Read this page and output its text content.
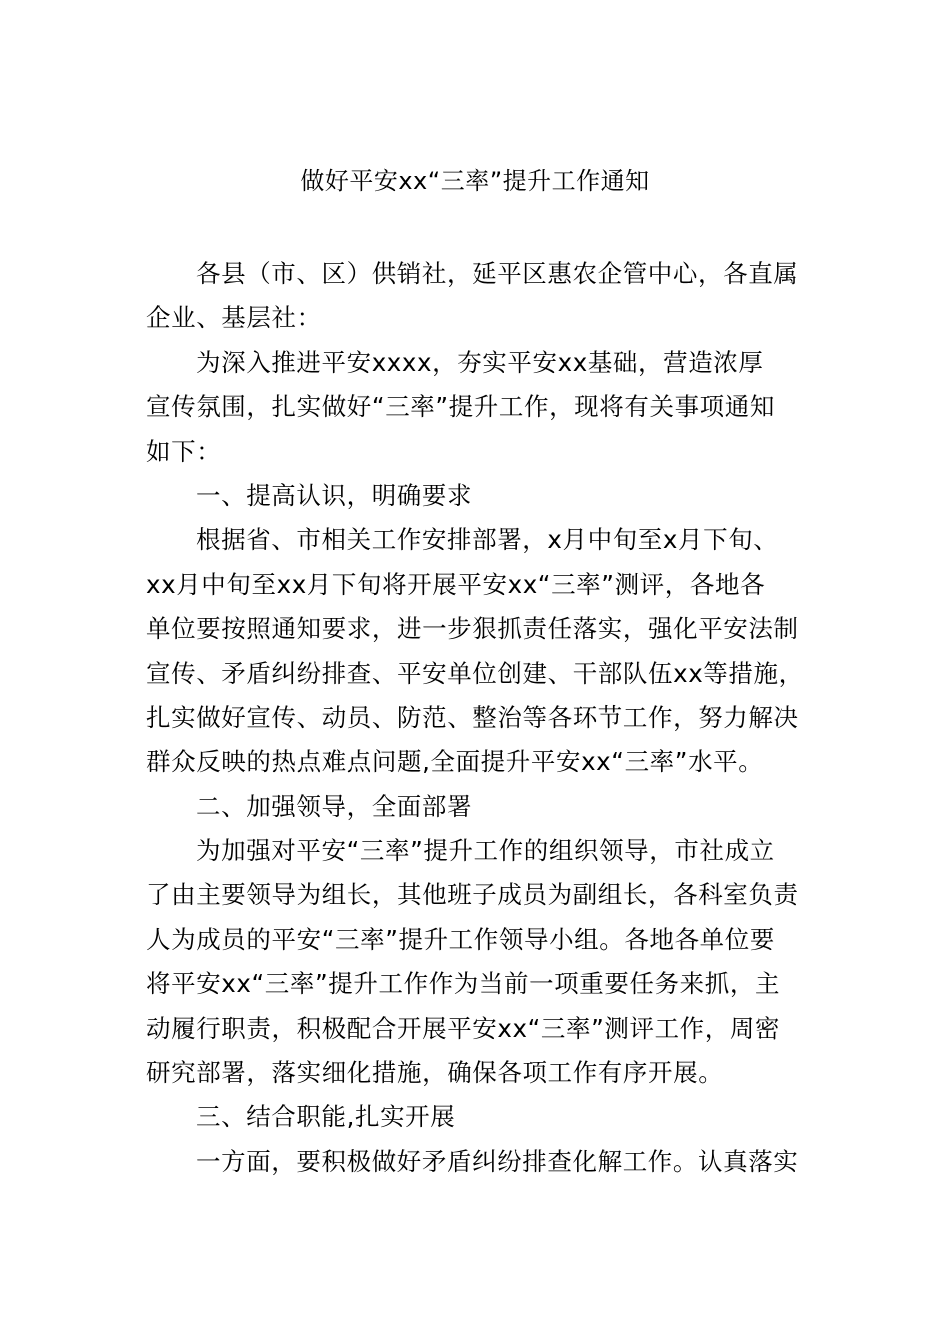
做好平安xx“三率”提升工作通知
各县（市、区）供销社，延平区惠农企管中心，各直属
企业、基层社：
为深入推进平安xxxx，夯实平安xx基础，营造浓厚
宣传氛围，扎实做好“三率”提升工作，现将有关事项通知
如下：
一、提高认识，明确要求
根据省、市相关工作安排部署，x月中旬至x月下旬、
xx月中旬至xx月下旬将开展平安xx“三率”测评，各地各
单位要按照通知要求，进一步狠抓责任落实，强化平安法制
宣传、矛盾纠纷排查、平安单位创建、干部队伍xx等措施，
扎实做好宣传、动员、防范、整治等各环节工作，努力解决
群众反映的热点难点问题,全面提升平安xx“三率”水平。
二、加强领导，全面部署
为加强对平安“三率”提升工作的组织领导，市社成立
了由主要领导为组长，其他班子成员为副组长，各科室负责
人为成员的平安“三率”提升工作领导小组。各地各单位要
将平安xx“三率”提升工作作为当前一项重要任务来抓，主
动履行职责，积极配合开展平安xx“三率”测评工作，周密
研究部署，落实细化措施，确保各项工作有序开展。
三、结合职能,扎实开展
一方面，要积极做好矛盾纠纷排查化解工作。认真落实
